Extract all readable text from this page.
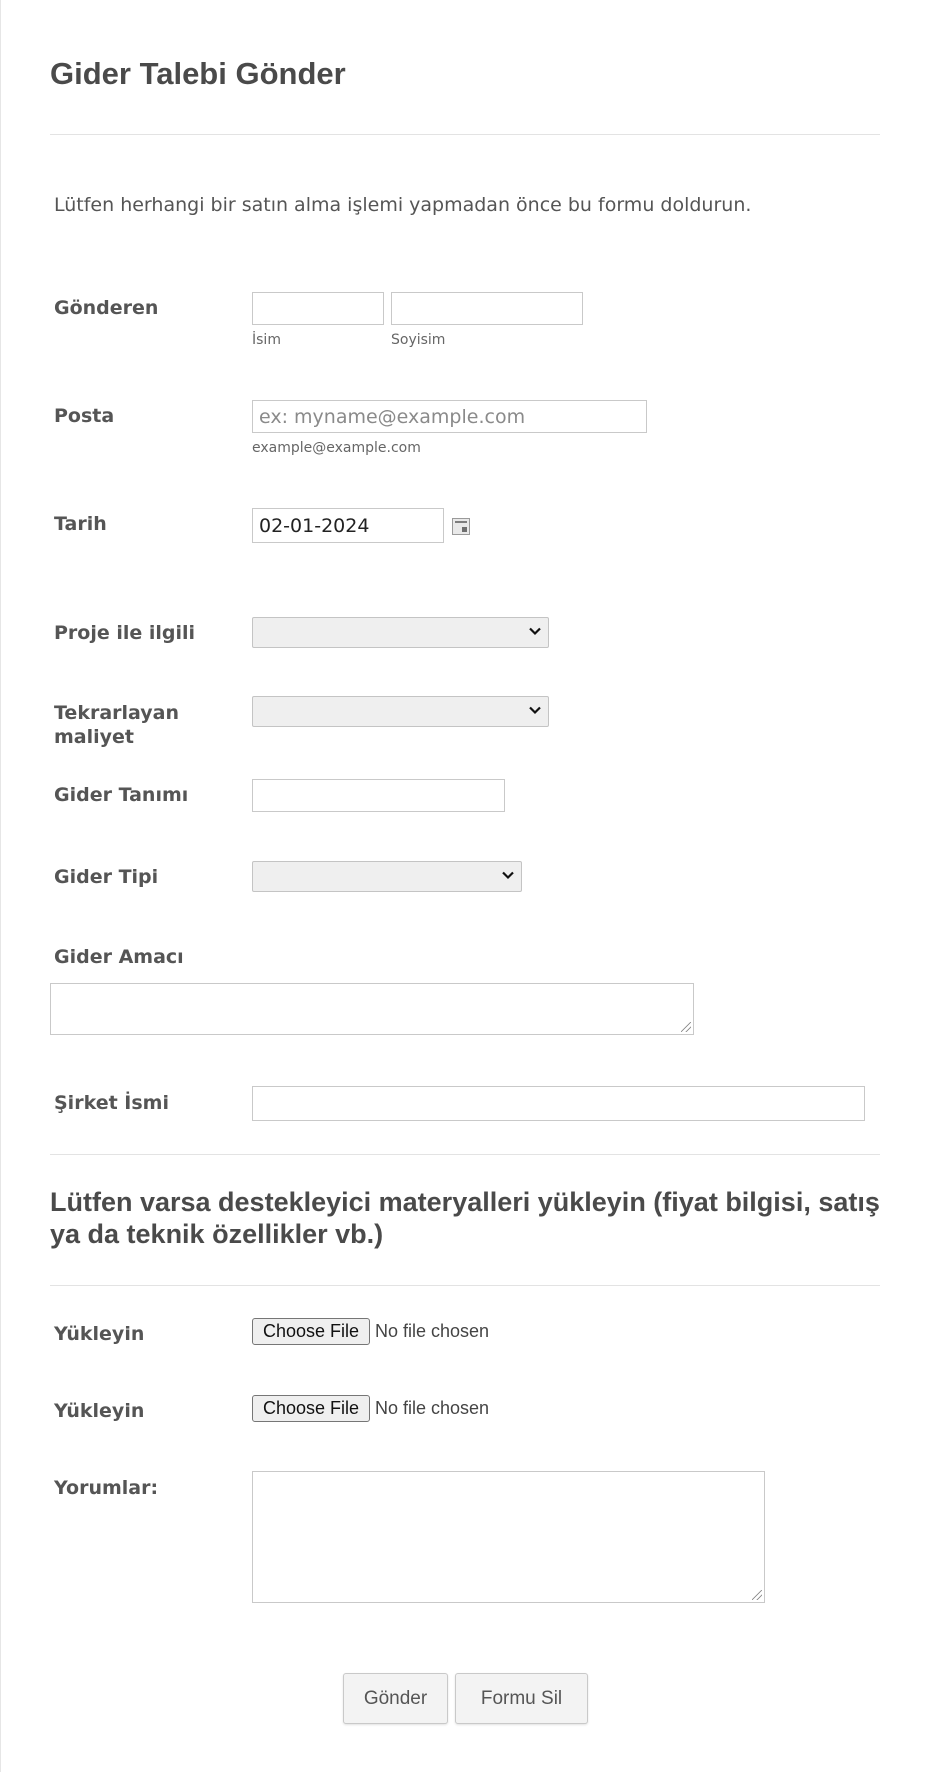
Gider Talebi Gönder
Lütfen herhangi bir satın alma işlemi yapmadan önce bu formu doldurun.
Gönderen
İsim	Soyisim
Posta
ex: myname@example.com
example@example.com
Tarih
02-01-2024
Proje ile ilgili
Tekrarlayan
maliyet
Gider Tanımı
Gider Tipi
Gider Amacı
Şirket İsmi
Lütfen varsa destekleyici materyalleri yükleyin (fiyat bilgisi, satış ya da teknik özellikler vb.)
Yükleyin	Choose File No file chosen
Yükleyin	Choose File No file chosen
Yorumlar:
Gönder	Formu Sil
